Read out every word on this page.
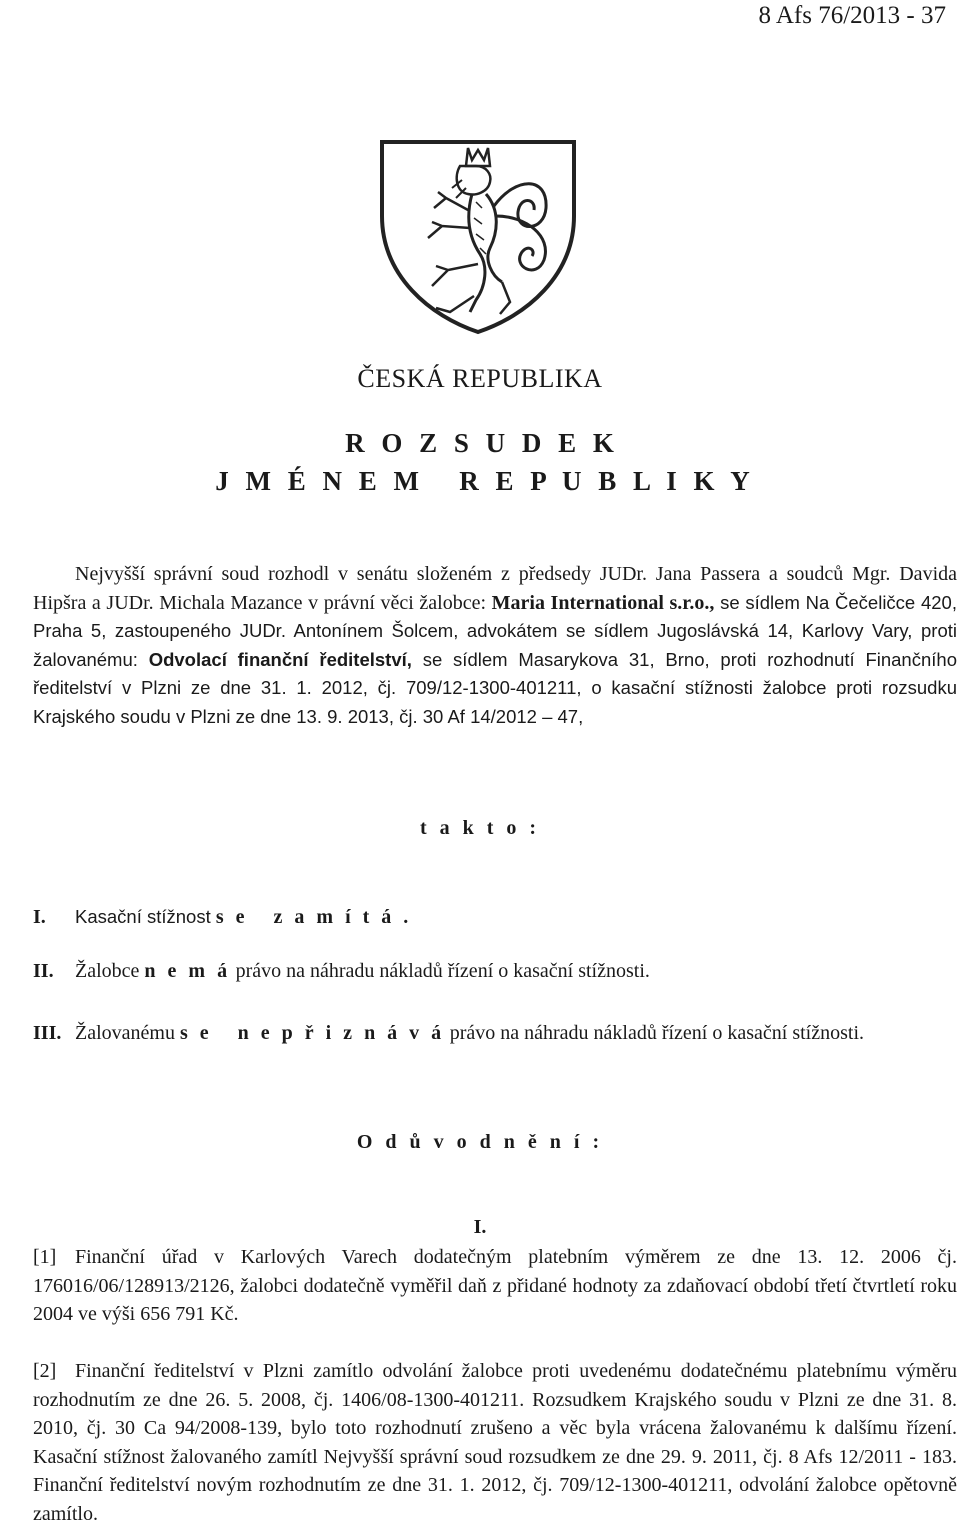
8 Afs 76/2013 - 37
ČESKÁ REPUBLIKA
R O Z S U D E K
J M É N E M   R E P U B L I K Y
Nejvyšší správní soud rozhodl v senátu složeném z předsedy JUDr. Jana Passera a soudců Mgr. Davida Hipšra a JUDr. Michala Mazance v právní věci žalobce: Maria International s.r.o., se sídlem Na Čečeličce 420, Praha 5, zastoupeného JUDr. Antonínem Šolcem, advokátem se sídlem Jugoslávská 14, Karlovy Vary, proti žalovanému: Odvolací finanční ředitelství, se sídlem Masarykova 31, Brno, proti rozhodnutí Finančního ředitelství v Plzni ze dne 31. 1. 2012, čj. 709/12-1300-401211, o kasační stížnosti žalobce proti rozsudku Krajského soudu v Plzni ze dne 13. 9. 2013, čj. 30 Af 14/2012 – 47,
t a k t o :
I. Kasační stížnost s e   z a m í t á .
II. Žalobce n e m á právo na náhradu nákladů řízení o kasační stížnosti.
III. Žalovanému s e   n e p ř i z n á v á právo na náhradu nákladů řízení o kasační stížnosti.
O d ů v o d n ě n í :
I.
[1] Finanční úřad v Karlových Varech dodatečným platebním výměrem ze dne 13. 12. 2006 čj. 176016/06/128913/2126, žalobci dodatečně vyměřil daň z přidané hodnoty za zdaňovací období třetí čtvrtletí roku 2004 ve výši 656 791 Kč.
[2] Finanční ředitelství v Plzni zamítlo odvolání žalobce proti uvedenému dodatečnému platebnímu výměru rozhodnutím ze dne 26. 5. 2008, čj. 1406/08-1300-401211. Rozsudkem Krajského soudu v Plzni ze dne 31. 8. 2010, čj. 30 Ca 94/2008-139, bylo toto rozhodnutí zrušeno a věc byla vrácena žalovanému k dalšímu řízení. Kasační stížnost žalovaného zamítl Nejvyšší správní soud rozsudkem ze dne 29. 9. 2011, čj. 8 Afs 12/2011 - 183. Finanční ředitelství novým rozhodnutím ze dne 31. 1. 2012, čj. 709/12-1300-401211, odvolání žalobce opětovně zamítlo.
